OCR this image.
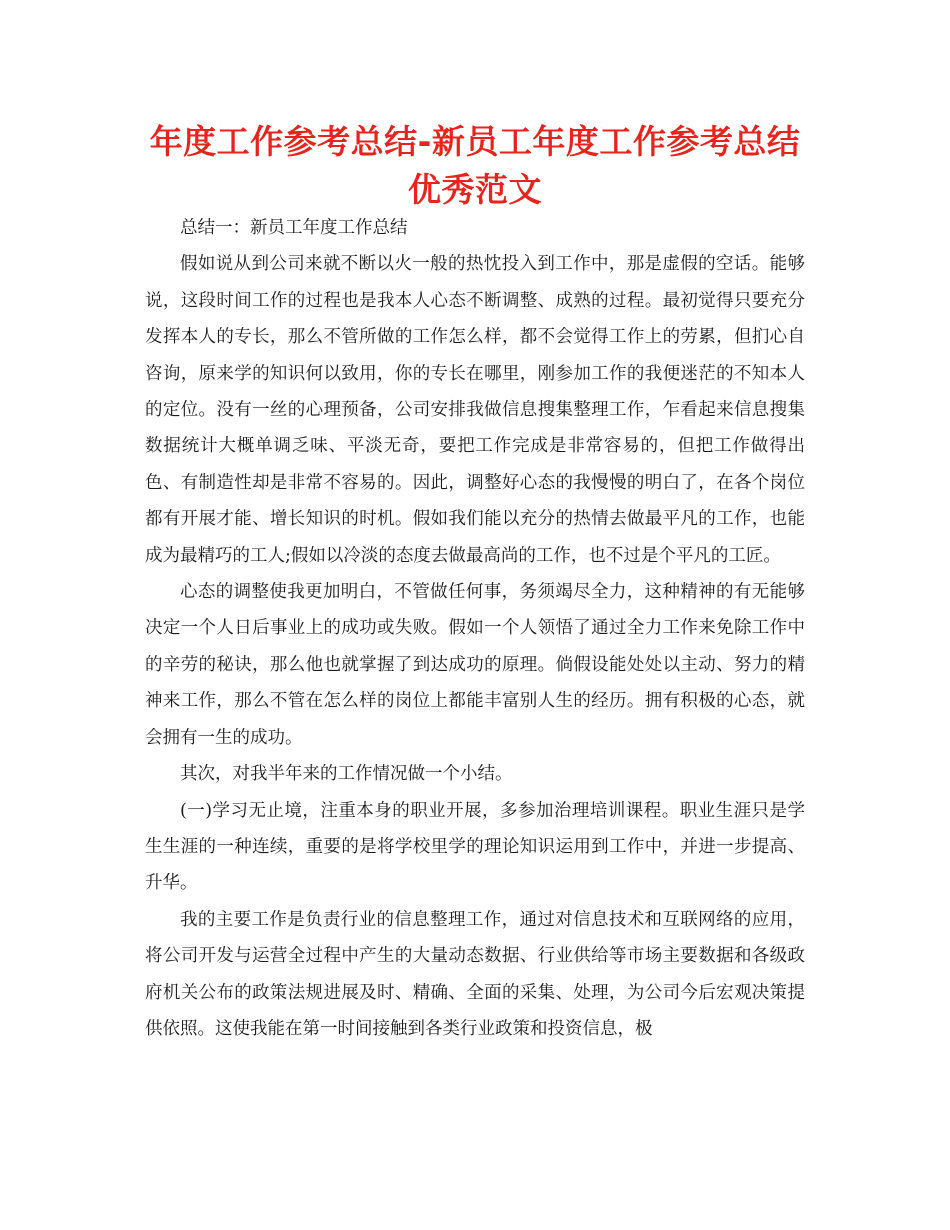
年度工作参考总结-新员工年度工作参考总结优秀范文

总结一：新员工年度工作总结

假如说从到公司来就不断以火一般的热忱投入到工作中，那是虚假的空话。能够说，这段时间工作的过程也是我本人心态不断调整、成熟的过程。最初觉得只要充分发挥本人的专长，那么不管所做的工作怎么样，都不会觉得工作上的劳累，但扪心自咨询，原来学的知识何以致用，你的专长在哪里，刚参加工作的我便迷茫的不知本人的定位。没有一丝的心理预备，公司安排我做信息搜集整理工作，乍看起来信息搜集数据统计大概单调乏味、平淡无奇，要把工作完成是非常容易的，但把工作做得出色、有制造性却是非常不容易的。因此，调整好心态的我慢慢的明白了，在各个岗位都有开展才能、增长知识的时机。假如我们能以充分的热情去做最平凡的工作，也能成为最精巧的工人;假如以冷淡的态度去做最高尚的工作，也不过是个平凡的工匠。

心态的调整使我更加明白，不管做任何事，务须竭尽全力，这种精神的有无能够决定一个人日后事业上的成功或失败。假如一个人领悟了通过全力工作来免除工作中的辛劳的秘诀，那么他也就掌握了到达成功的原理。倘假设能处处以主动、努力的精神来工作，那么不管在怎么样的岗位上都能丰富别人生的经历。拥有积极的心态，就会拥有一生的成功。

其次，对我半年来的工作情况做一个小结。

(一)学习无止境，注重本身的职业开展，多参加治理培训课程。职业生涯只是学生生涯的一种连续，重要的是将学校里学的理论知识运用到工作中，并进一步提高、升华。

我的主要工作是负责行业的信息整理工作，通过对信息技术和互联网络的应用，将公司开发与运营全过程中产生的大量动态数据、行业供给等市场主要数据和各级政府机关公布的政策法规进展及时、精确、全面的采集、处理，为公司今后宏观决策提供依照。这使我能在第一时间接触到各类行业政策和投资信息，极
